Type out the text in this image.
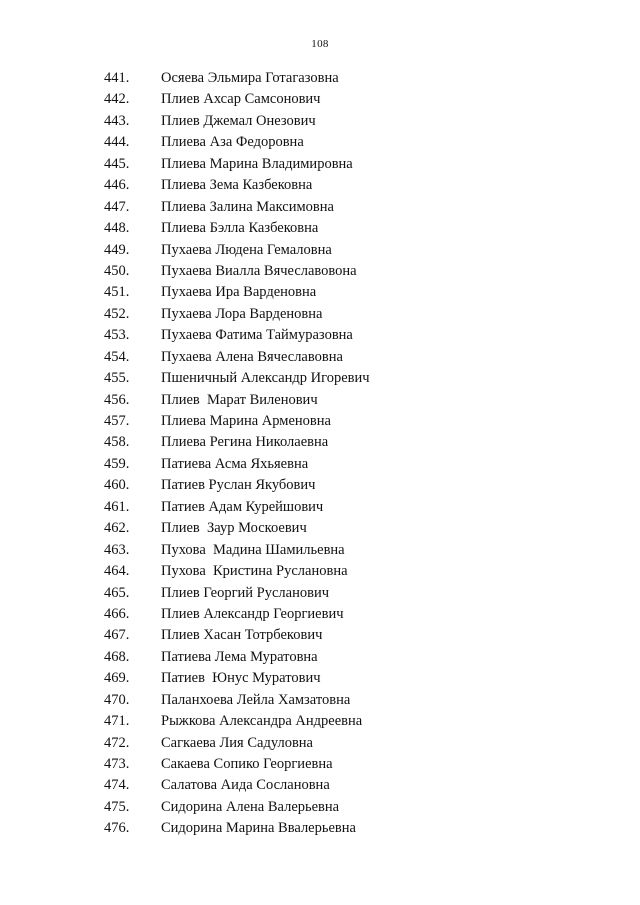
108
441. Осяева Эльмира Готагазовна
442. Плиев Ахсар Самсонович
443. Плиев Джемал Онезович
444. Плиева Аза Федоровна
445. Плиева Марина Владимировна
446. Плиева Зема Казбековна
447. Плиева Залина Максимовна
448. Плиева Бэлла Казбековна
449. Пухаева Людена Гемаловна
450. Пухаева Виалла Вячеславовона
451. Пухаева Ира Варденовна
452. Пухаева Лора Варденовна
453. Пухаева Фатима Таймуразовна
454. Пухаева Алена Вячеславовна
455. Пшеничный Александр Игоревич
456. Плиев  Марат Виленович
457. Плиева Марина Арменовна
458. Плиева Регина Николаевна
459. Патиева Асма Яхьяевна
460. Патиев Руслан Якубович
461. Патиев Адам Курейшович
462. Плиев  Заур Москоевич
463. Пухова  Мадина Шамильевна
464. Пухова  Кристина Руслановна
465. Плиев Георгий Русланович
466. Плиев Александр Георгиевич
467. Плиев Хасан Тотрбекович
468. Патиева Лема Муратовна
469. Патиев  Юнус Муратович
470. Паланхоева Лейла Хамзатовна
471. Рыжкова Александра Андреевна
472. Сагкаева Лия Садуловна
473. Сакаева Сопико Георгиевна
474. Салатова Аида Сослановна
475. Сидорина Алена Валерьевна
476. Сидорина Марина Ввалерьевна
